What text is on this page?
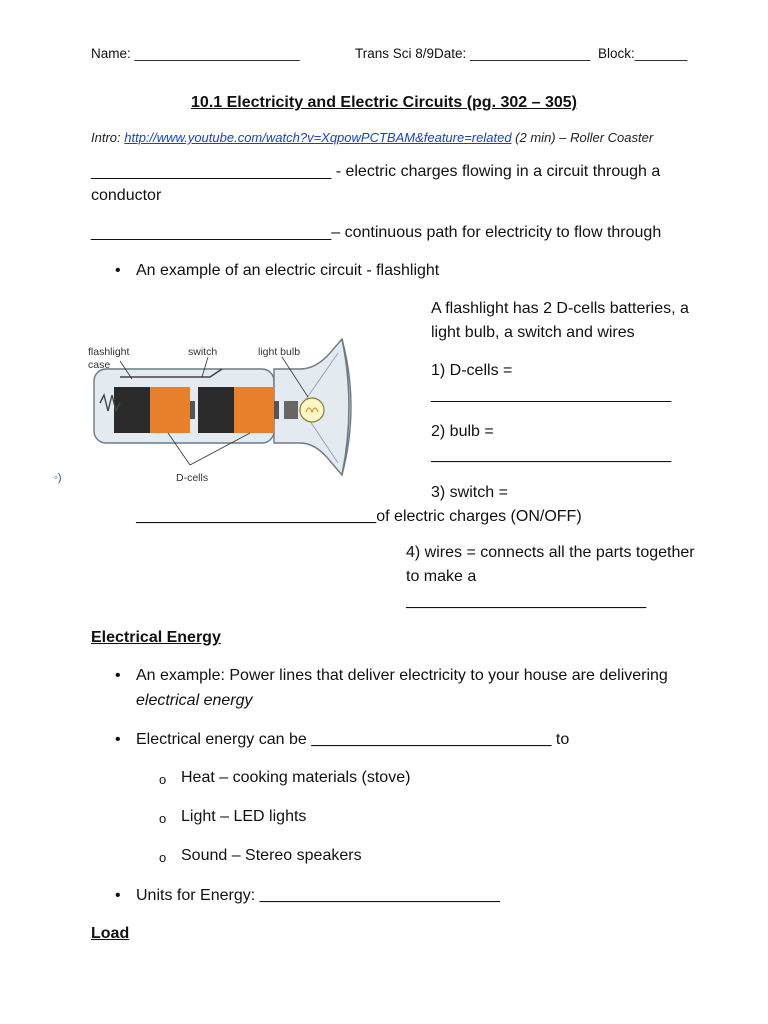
Name: ______________________	Trans Sci 8/9Date: ________________ Block:_______
10.1 Electricity and Electric Circuits (pg. 302 – 305)
Intro: http://www.youtube.com/watch?v=XqpowPCTBAM&feature=related (2 min) – Roller Coaster
___________________________ - electric charges flowing in a circuit through a
conductor
___________________________– continuous path for electricity to flow through
• An example of an electric circuit - flashlight
flashlight
case
switch	light bulb
D-cells
◦)
A flashlight has 2 D-cells batteries, a
light bulb, a switch and wires
1) D-cells =
___________________________
2) bulb =
___________________________
3) switch =
___________________________of electric charges (ON/OFF)
4) wires = connects all the parts together
to make a
___________________________
Electrical Energy
• An example: Power lines that deliver electricity to your house are delivering
electrical energy
• Electrical energy can be ___________________________ to
o Heat – cooking materials (stove)
o Light – LED lights
o Sound – Stereo speakers
• Units for Energy: ___________________________
Load
